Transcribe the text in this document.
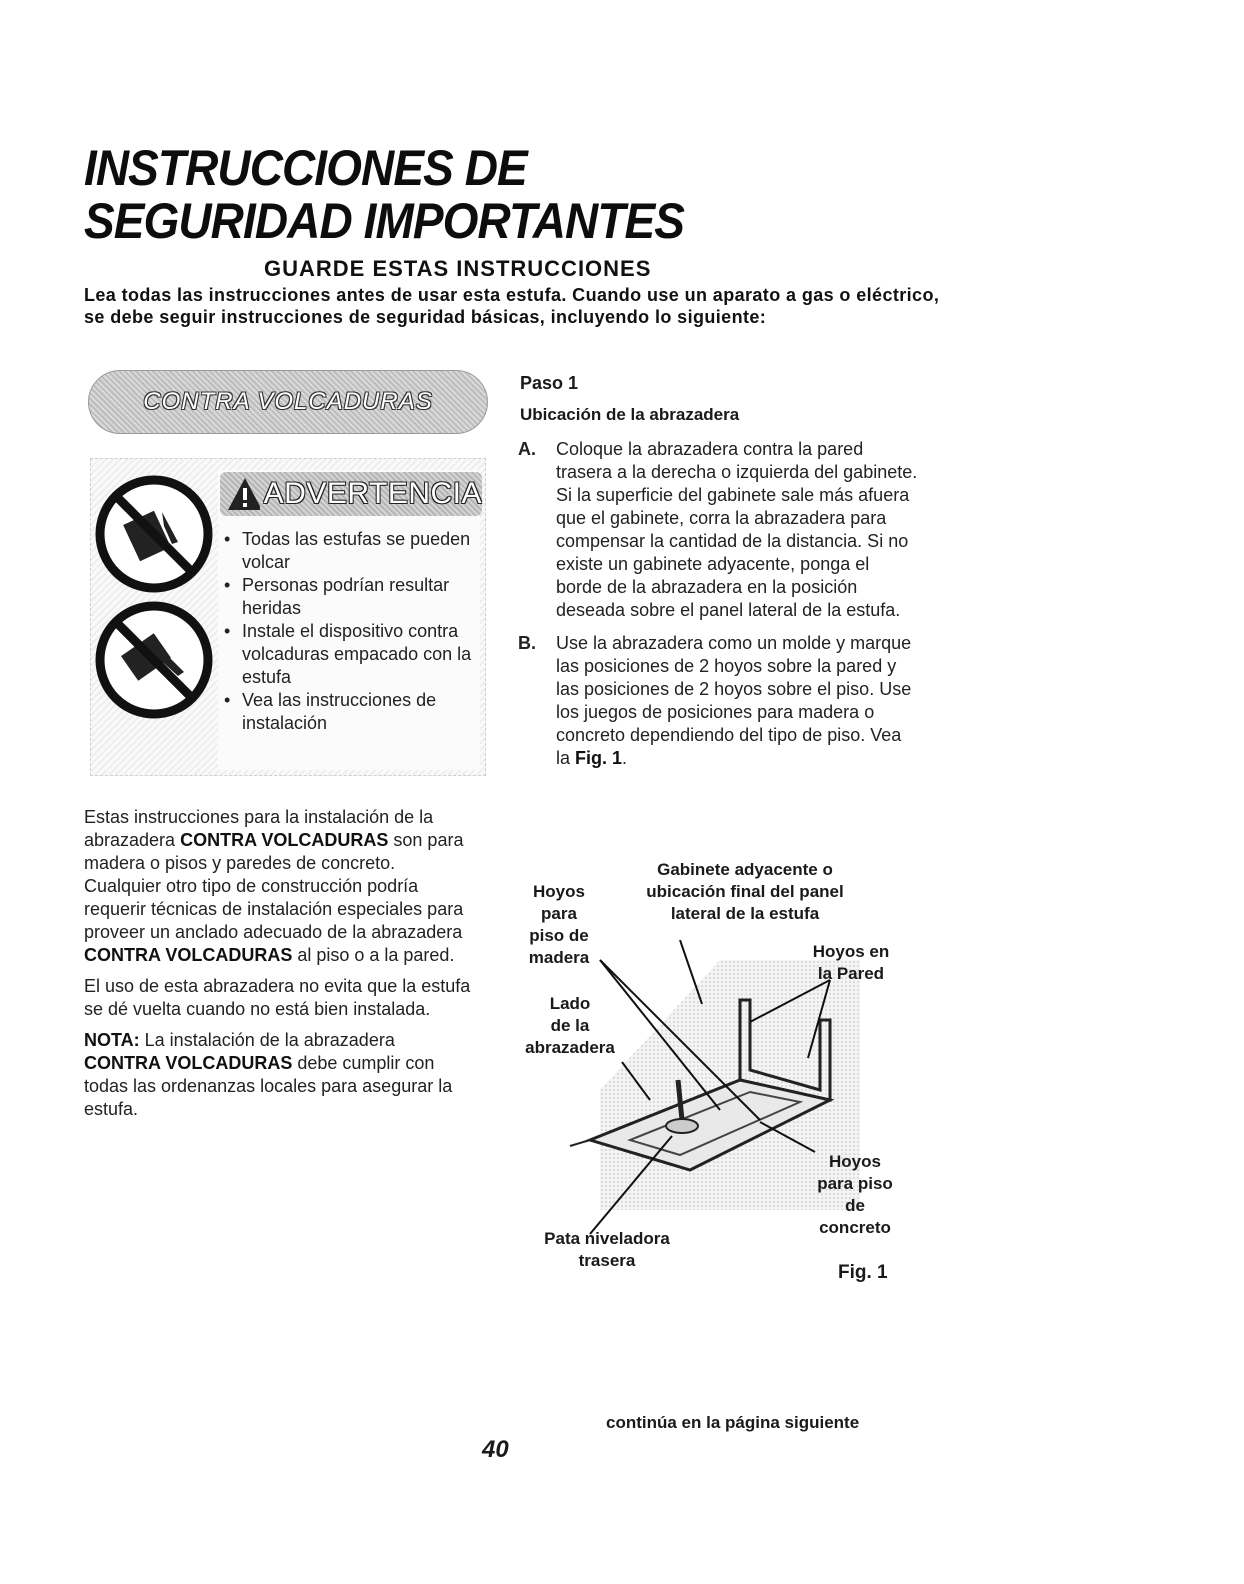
INSTRUCCIONES DE
SEGURIDAD IMPORTANTES
GUARDE ESTAS INSTRUCCIONES
Lea todas las instrucciones antes de usar esta estufa. Cuando use un aparato a gas o eléctrico, se debe seguir instrucciones de seguridad básicas, incluyendo lo siguiente:
CONTRA VOLCADURAS
ADVERTENCIA
• Todas las estufas se pueden volcar
• Personas podrían resultar heridas
• Instale el dispositivo contra volcaduras empacado con la estufa
• Vea las instrucciones de instalación

Estas instrucciones para la instalación de la abrazadera CONTRA VOLCADURAS son para madera o pisos y paredes de concreto. Cualquier otro tipo de construcción podría requerir técnicas de instalación especiales para proveer un anclado adecuado de la abrazadera CONTRA VOLCADURAS al piso o a la pared.

El uso de esta abrazadera no evita que la estufa se dé vuelta cuando no está bien instalada.

NOTA: La instalación de la abrazadera CONTRA VOLCADURAS debe cumplir con todas las ordenanzas locales para asegurar la estufa.

Paso 1
Ubicación de la abrazadera
A. Coloque la abrazadera contra la pared trasera a la derecha o izquierda del gabinete. Si la superficie del gabinete sale más afuera que el gabinete, corra la abrazadera para compensar la cantidad de la distancia. Si no existe un gabinete adyacente, ponga el borde de la abrazadera en la posición deseada sobre el panel lateral de la estufa.
B. Use la abrazadera como un molde y marque las posiciones de 2 hoyos sobre la pared y las posiciones de 2 hoyos sobre el piso. Use los juegos de posiciones para madera o concreto dependiendo del tipo de piso. Vea la Fig. 1.
Gabinete adyacente o
ubicación final del panel
lateral de la estufa
Hoyos
para
piso de
madera	Hoyos en
la Pared
Lado
de la
abrazadera
Hoyos
para piso
de
concreto
Pata niveladora
trasera
Fig. 1
continúa en la página siguiente
40
